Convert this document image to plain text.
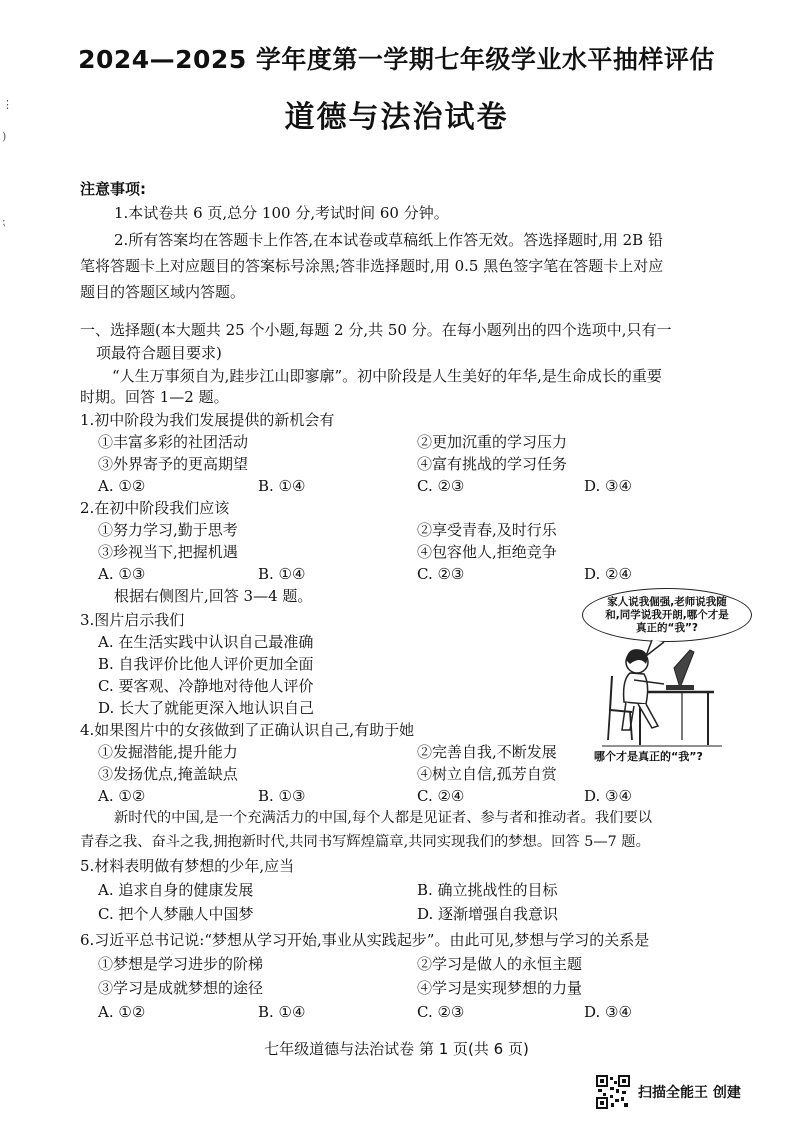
⋮
)
⁏
2024—2025 学年度第一学期七年级学业水平抽样评估
道德与法治试卷
注意事项:
1.本试卷共 6 页,总分 100 分,考试时间 60 分钟。
2.所有答案均在答题卡上作答,在本试卷或草稿纸上作答无效。答选择题时,用 2B 铅
笔将答题卡上对应题目的答案标号涂黑;答非选择题时,用 0.5 黑色签字笔在答题卡上对应
题目的答题区域内答题。
一、选择题(本大题共 25 个小题,每题 2 分,共 50 分。在每小题列出的四个选项中,只有一
项最符合题目要求)
“人生万事须自为,跬步江山即寥廓”。初中阶段是人生美好的年华,是生命成长的重要
时期。回答 1—2 题。
1.初中阶段为我们发展提供的新机会有
①丰富多彩的社团活动	②更加沉重的学习压力
③外界寄予的更高期望	④富有挑战的学习任务
A. ①②	B. ①④	C. ②③	D. ③④
2.在初中阶段我们应该
①努力学习,勤于思考	②享受青春,及时行乐
③珍视当下,把握机遇	④包容他人,拒绝竞争
A. ①③	B. ①④	C. ②③	D. ②④
根据右侧图片,回答 3—4 题。	家人说我倔强,老师说我随和,同学说我开朗,哪个才是真正的“我”?
哪个才是真正的“我”?
3.图片启示我们
A. 在生活实践中认识自己最准确
B. 自我评价比他人评价更加全面
C. 要客观、冷静地对待他人评价
D. 长大了就能更深入地认识自己
4.如果图片中的女孩做到了正确认识自己,有助于她
①发掘潜能,提升能力	②完善自我,不断发展
③发扬优点,掩盖缺点	④树立自信,孤芳自赏
A. ①②	B. ①③	C. ②④	D. ③④
新时代的中国,是一个充满活力的中国,每个人都是见证者、参与者和推动者。我们要以
青春之我、奋斗之我,拥抱新时代,共同书写辉煌篇章,共同实现我们的梦想。回答 5—7 题。
5.材料表明做有梦想的少年,应当
A. 追求自身的健康发展	B. 确立挑战性的目标
C. 把个人梦融人中国梦	D. 逐渐增强自我意识
6.习近平总书记说:“梦想从学习开始,事业从实践起步”。由此可见,梦想与学习的关系是
①梦想是学习进步的阶梯	②学习是做人的永恒主题
③学习是成就梦想的途径	④学习是实现梦想的力量
A. ①②	B. ①④	C. ②③	D. ③④
七年级道德与法治试卷 第 1 页(共 6 页)
扫描全能王 创建
